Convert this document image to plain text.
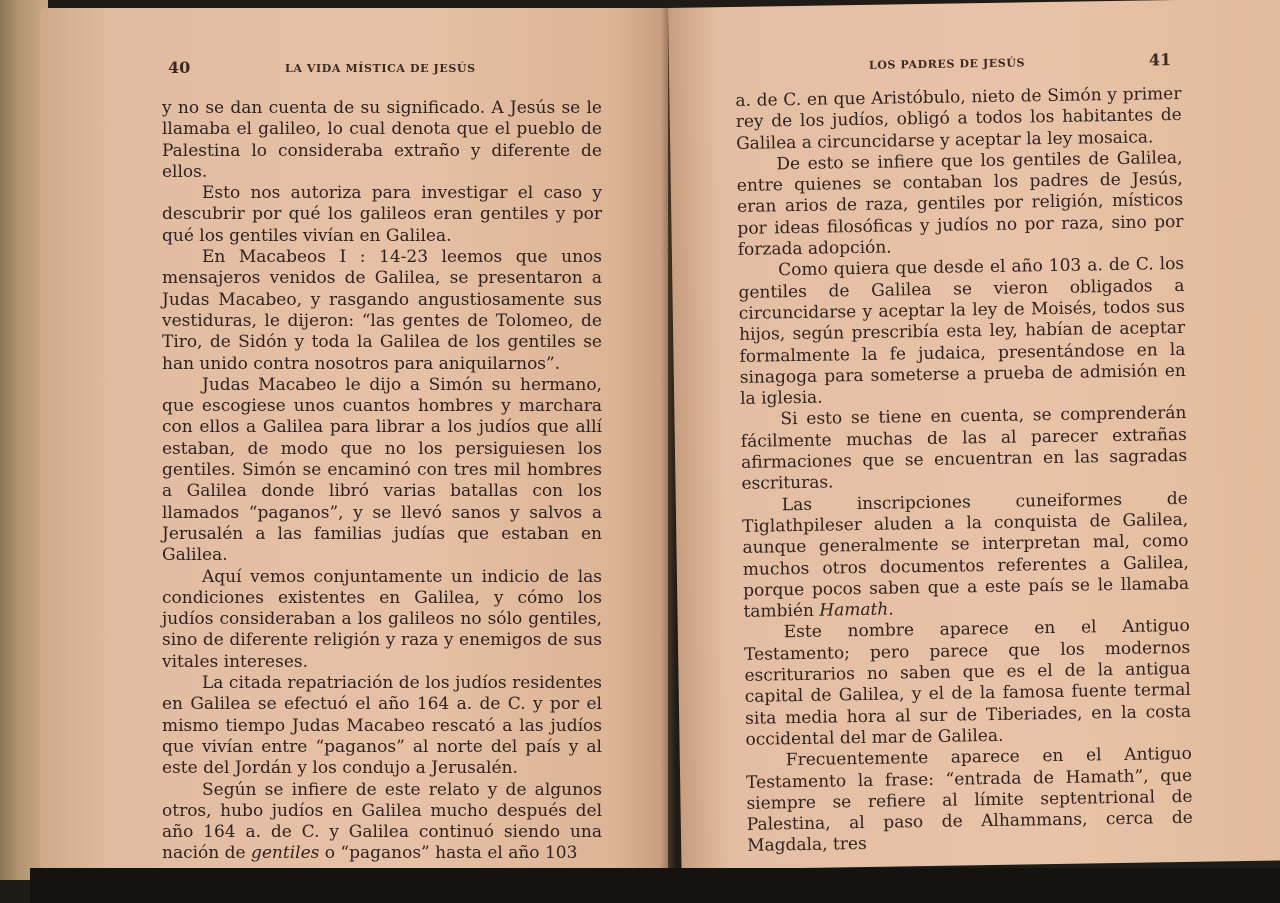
40	LA VIDA MÍSTICA DE JESÚS

y no se dan cuenta de su significado. A Jesús se le llamaba el galileo, lo cual denota que el pueblo de Palestina lo consideraba extraño y diferente de ellos.

Esto nos autoriza para investigar el caso y descubrir por qué los galileos eran gentiles y por qué los gentiles vivían en Galilea.

En Macabeos I : 14-23 leemos que unos mensajeros venidos de Galilea, se presentaron a Judas Macabeo, y rasgando angustiosamente sus vestiduras, le dijeron: “las gentes de Tolomeo, de Tiro, de Sidón y toda la Galilea de los gentiles se han unido contra nosotros para aniquilarnos”.

Judas Macabeo le dijo a Simón su hermano, que escogiese unos cuantos hombres y marchara con ellos a Galilea para librar a los judíos que allí estaban, de modo que no los persiguiesen los gentiles. Simón se encaminó con tres mil hombres a Galilea donde libró varias batallas con los llamados “paganos”, y se llevó sanos y salvos a Jerusalén a las familias judías que estaban en Galilea.

Aquí vemos conjuntamente un indicio de las condiciones existentes en Galilea, y cómo los judíos consideraban a los galileos no sólo gentiles, sino de diferente religión y raza y enemigos de sus vitales intereses.

La citada repatriación de los judíos residentes en Galilea se efectuó el año 164 a. de C. y por el mismo tiempo Judas Macabeo rescató a las judíos que vivían entre “paganos” al norte del país y al este del Jordán y los condujo a Jerusalén.

Según se infiere de este relato y de algunos otros, hubo judíos en Galilea mucho después del año 164 a. de C. y Galilea continuó siendo una nación de gentiles o “paganos” hasta el año 103

LOS PADRES DE JESÚS	41

a. de C. en que Aristóbulo, nieto de Simón y primer rey de los judíos, obligó a todos los habitantes de Galilea a circuncidarse y aceptar la ley mosaica.

De esto se infiere que los gentiles de Galilea, entre quienes se contaban los padres de Jesús, eran arios de raza, gentiles por religión, místicos por ideas filosóficas y judíos no por raza, sino por forzada adopción.

Como quiera que desde el año 103 a. de C. los gentiles de Galilea se vieron obligados a circuncidarse y aceptar la ley de Moisés, todos sus hijos, según prescribía esta ley, habían de aceptar formalmente la fe judaica, presentándose en la sinagoga para someterse a prueba de admisión en la iglesia.

Si esto se tiene en cuenta, se comprenderán fácilmente muchas de las al parecer extrañas afirmaciones que se encuentran en las sagradas escrituras.

Las inscripciones cuneiformes de Tiglathpileser aluden a la conquista de Galilea, aunque generalmente se interpretan mal, como muchos otros documentos referentes a Galilea, porque pocos saben que a este país se le llamaba también Hamath.

Este nombre aparece en el Antiguo Testamento; pero parece que los modernos escriturarios no saben que es el de la antigua capital de Galilea, y el de la famosa fuente termal sita media hora al sur de Tiberiades, en la costa occidental del mar de Galilea.

Frecuentemente aparece en el Antiguo Testamento la frase: “entrada de Hamath”, que siempre se refiere al límite septentrional de Palestina, al paso de Alhammans, cerca de Magdala, tres
